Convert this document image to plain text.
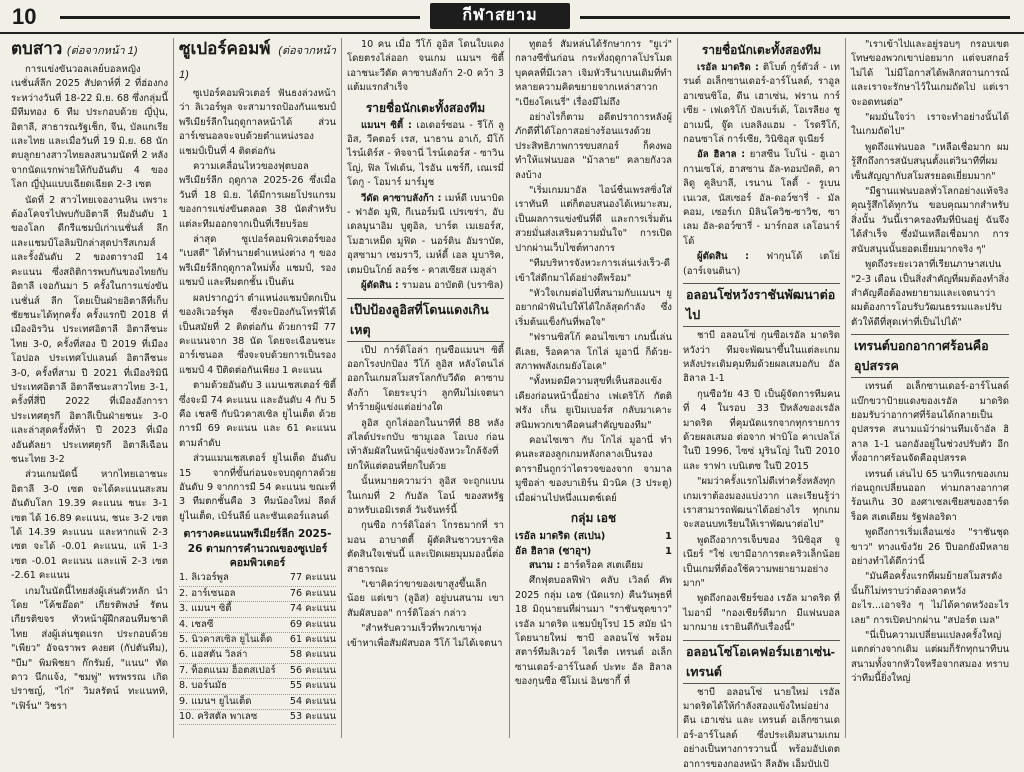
10	กีฬาสยาม

ตบสาว (ต่อจากหน้า 1)

การแข่งขันวอลเลย์บอลหญิงเนชั่นส์ลีก 2025 สัปดาห์ที่ 2 ที่ฮ่องกง ระหว่างวันที่ 18-22 มิ.ย. 68 ซึ่งกลุ่มนี้มีทีมทอง 6 ทีม ประกอบด้วย ญี่ปุ่น, อิตาลี, สาธารณรัฐเช็ก, จีน, บัลแกเรีย และไทย และเมื่อวันที่ 19 มิ.ย. 68 นักตบลูกยางสาวไทยลงสนามนัดที่ 2 หลังจากนัดแรกพ่ายให้กับอันดับ 4 ของโลก ญี่ปุ่นแบบเฉียดเฉียด 2-3 เซต

นัดที่ 2 สาวไทยเจองานหิน เพราะต้องโคจรไปพบกับอิตาลี ทีมอันดับ 1 ของโลก ดีกรีแชมป์เก่าเนชั่นส์ ลีก และแชมป์โอลิมปิกล่าสุดปารีสเกมส์ และรั้งอันดับ 2 ของตารางมี 14 คะแนน ซึ่งสถิติการพบกันของไทยกับอิตาลี เจอกันมา 5 ครั้งในการแข่งขันเนชั่นส์ ลีก โดยเป็นฝ่ายอิตาลีที่เก็บชัยชนะได้ทุกครั้ง ครั้งแรกปี 2018 ที่เมืองอิรวิน ประเทศอิตาลี อิตาลีชนะไทย 3-0, ครั้งที่สอง ปี 2019 ที่เมืองโอปอล ประเทศโปแลนด์ อิตาลีชนะ 3-0, ครั้งที่สาม ปี 2021 ที่เมืองริมินี ประเทศอิตาลี อิตาลีชนะสาวไทย 3-1, ครั้งที่สี่ปี 2022 ที่เมืองอังการา ประเทศตุรกี อิตาลีเป็นฝ่ายชนะ 3-0 และล่าสุดครั้งที่ห้า ปี 2023 ที่เมืองอันตัลยา ประเทศตุรกี อิตาลีเฉือนชนะไทย 3-2

ส่วนเกมนัดนี้ หากไทยเอาชนะอิตาลี 3-0 เซต จะได้คะแนนสะสมอันดับโลก 19.39 คะแนน ชนะ 3-1 เซต ได้ 16.89 คะแนน, ชนะ 3-2 เซต ได้ 14.39 คะแนน และหากแพ้ 2-3 เซต จะได้ -0.01 คะแนน, แพ้ 1-3 เซต -0.01 คะแนน และแพ้ 2-3 เซต -2.61 คะแนน

เกมในนัดนี้ไทยส่งผู้เล่นตัวหลัก นำโดย "โค้ชอ๊อด" เกียรติพงษ์ รัตนเกียรติขจร ทัวหน้าผู้ฝึกสอนทีมชาติไทย ส่งผู้เล่นชุดแรก ประกอบด้วย "เพียว" อัจฉราพร คงยศ (กัปตันทีม), "บีม" พิมพิชยา ก๊กรัมย์, "แนน" ทัดดาว นึกแจ้ง, "ชมพู่" พรพรรณ เกิดปราชญ์, "ไก่" วิมลรัตน์ ทะแนททิ, "เฟิร์น" วิชรา

ซูเปอร์คอมพ์ (ต่อจากหน้า 1)

ซูเปอร์คอมพิวเตอร์ ฟันธงล่วงหน้าว่า ลิเวอร์พูล จะสามารถป้องกันแชมป์พรีเมียร์ลีกในฤดูกาลหน้าได้ ส่วนอาร์เซนอลจะจบด้วยตำแหน่งรองแชมป์เป็นที่ 4 ติดต่อกัน

ความเคลื่อนไหวของฟุตบอลพรีเมียร์ลีก ฤดูกาล 2025-26 ซึ่งเมื่อวันที่ 18 มิ.ย. ได้มีการเผยโปรแกรมของการแข่งขันตลอด 38 นัดสำหรับแต่ละทีมออกจากเป็นที่เรียบร้อย

ล่าสุด ซูเปอร์คอมพิวเตอร์ของ "เบสตี" ได้ทำนายตำแหน่งต่าง ๆ ของพรีเมียร์ลีกฤดูกาลใหม่ทั้ง แชมป์, รองแชมป์ และทีมตกชั้น เป็นต้น

ผลปรากฏว่า ตำแหน่งแชมป์ตกเป็นของลิเวอร์พูล ซึ่งจะป้องกันโทรฟี่ได้เป็นสมัยที่ 2 ติดต่อกัน ด้วยการมี 77 คะแนนจาก 38 นัด โดยจะเฉือนชนะอาร์เซนอล ซึ่งจะจบด้วยการเป็นรองแชมป์ 4 ปีติดต่อกันเพียง 1 คะแนน

ตามด้วยอันดับ 3 แมนเชสเตอร์ ซิตี้ ซึ่งจะมี 74 คะแนน และอันดับ 4 กับ 5 คือ เชลซี กับนิวคาสเซิล ยูไนเต็ด ด้วยการมี 69 คะแนน และ 61 คะแนนตามลำดับ

ส่วนแมนเชสเตอร์ ยูไนเต็ด อันดับ 15 จากที่ขั้นก่อนจะจบฤดูกาลด้วยอันดับ 9 จากการมี 54 คะแนน ขณะที่ 3 ทีมตกชั้นคือ 3 ทีมน้องใหม่ ลีดส์ ยูไนเต็ด, เบิร์นลีย์ และซันเดอร์แลนด์

ตารางคะแนนพรีเมียร์ลีก 2025-26 ตามการคำนวณของซูเปอร์คอมพิวเตอร์
1. ลิเวอร์พูล	77 คะแนน
2. อาร์เซนอล	76 คะแนน
3. แมนฯ ซิตี้	74 คะแนน
4. เชลซี	69 คะแนน
5. นิวคาสเซิล ยูไนเต็ด 61 คะแนน
6. แอสตัน วิลล่า	58 คะแนน
7. ท็อตแนม ฮ็อตสเปอร์ 56 คะแนน
8. บอร์นมัธ	55 คะแนน
9. แมนฯ ยูไนเต็ด	54 คะแนน
10. คริสตัล พาเลซ	53 คะแนน

10 คน เมื่อ วีโก้ อูอิส โดนใบแดงโดยตรงไล่ออก จนเกม แมนฯ ซิตี้ เอาชนะวีดัด คาซาบลังก้า 2-0 คว้า 3 แต้มแรกสำเร็จ

รายชื่อนักเตะทั้งสองทีม

แมนฯ ซิตี้ : เอเดอร์ซอน - รีโก้ ลูอิส, วีคตอร์ เรส, นาธาน อาเก้, มีโก้ ไรน์เดิร์ส - ทิจจานี่ ไรน์เดอร์ส - ซาวินโญ่, ฟิล โฟเด้น, ไรอัน แชร์กี, เณเรมี่ โดกู - โอมาร์ มาร์มูช

วีดัด คาซาบลังก้า : เมห์ดี เบนาบิด - ฟาอัด มูฟี, กีเนอร์มนี เปรเซร่า, อับเดลมูนาอิม บูตูอิล, บาร์ต เมเยอร์ส, โมฮาเหม็ด มูฟิด - นอร์ดิน อัมราบัต, อุสซามา เซมราวี, เมห์ดี้ เอล มูบาริค, เตมบินโกย์ ลอร์ช - คาสเซียส เมลูล่า

ผู้ตัดสิน : รามอน อาบัตติ (บราซิล)

เป๊ปป้องลูอิสที่โดนแดงเกินเหตุ

เป๊ป การ์ดิโอล่า กุนซือแมนฯ ซิตี้ ออกโรงปกป้อง วีโก้ ลูอิส หลังโดนไล่ออกในเกมสโมสรโลกกับวีดัด คาซาบลังก้า โดยระบุว่า ลูกทีมไม่เจตนาทำร้ายผู้แข่งแต่อย่างใด

ลูอิส ถูกไล่ออกในนาทีที่ 88 หลังสไลด์ประกบับ ซามูเอล โอเบง ก่อนเท้าลัมผัสในหน้าผู้แข่งจังหวะใกล้จังที่ยกให้แต่ตอนที่ยกใบด้วย

นั้นหมายความว่า ลูอิส จะถูกแบนในเกมที่ 2 กับอัล โอน์ ของสหรัฐอาหรับเอมิเรตส์ วันจันทร์นี้

กุนซือ การ์ดิโอล่า โกรธมากที่ รามอน อาบาตตี้ ผู้ตัดสินชาวบราซิล ตัดสินใจเช่นนี้ และเปิดเผยมุมมองนี้ต่อสาธารณะ

"เขาคิดว่าขาของเขาสูงขึ้นเล็กน้อย แต่เขา (ลูอิส) อยู่บนสนาม เขาสัมผัสบอล" การ์ดิโอล่า กล่าว

"สำหรับความเร็วที่พวกเขาพุ่งเข้าหาเพื่อสัมผัสบอล วีโก้ ไม่ได้เจตนา

ทูตอร์ สัมหล่นได้รักษาการ "ยูเว่" กลางซีซั่นก่อน กระทั่งฤดูกาลโปรโมตบุคคลที่มีเวลา เจิมหัวรีนาเบนเดิมที่ทำหลายความคิดขยายจากเหล่าสาวก "เบียงโคเนรี่" เรื่องมีไม่ถึง

อย่างไรก็ตาม อดีตปราการหลังผู้ภักดีที่ได้โอกาสอย่างร้อนแรงด้วยประสิทธิภาพการขบสกอร์ ก็คงพอทำให้แฟนบอล "ม้าลาย" คลายกังวลลงบ้าง

"เริ่มเกมมาอัล ไอน์ชื่นเพรสซิ่งใส่เราทันที แต่ก็ตอบสนองได้เหมาะสม, เป็นผลการแข่งขันที่ดี และการเริ่มต้นสวยมั่นส่งเสริมความมั่นใจ" การเปิดปากผ่านเว็บไซต์ทางการ

"ทีมบริหารจังหวะการเล่นเร่งเร็ว-ดีเข้าใส่ดีกมาได้อย่างดีพร้อม"

"หัวใจเกมต่อไปที่สนามกับแมนฯ ยู อยากฝ่าฟันไปให้ได้ใกล้สุดกำลัง ซึ่งเริ่มต้นแข็งกันที่พอใจ"

"ฟรานซิสโก้ คอนไซเซา เกมนี้เล่นดีเลย, ร็อคคาล โกไล่ มูอานี่ ก็ด้วย-สภาพพลังเกมยังโอเค"

"ทั้งหมดมีความสุขที่เห็นสองแข้งเคียงก่อนหน้านี้อย่าง เฟเดริโก้ กัตติ ฟรัง เก็น ยูเปิมเบอร์ส กลับมาเคาะสนิมพวกเขาคือคนสำคัญของทีม"

คอนไซเซา กับ โกไล่ มูอานี่ ทำคนละสองลูกเกมหลังกลางเป็นรองดารายืนถูกว่าไดรวจของจาก จามาล มูซีอล่า ของบาเยิร์น มิวนิค (3 ประตู) เมื่อผ่านไปหนึ่งแมตช์เดย์

กลุ่ม เอช
เรอัล มาดริด (สเปน)	1
อัล ฮิลาล (ซาอุฯ)	1

สนาม : ฮาร์ดร็อค สเตเดียม

ศึกฟุตบอลฟีฟ่า คลับ เวิลด์ คัพ 2025 กลุ่ม เอช (นัดแรก) คืนวันพุธที่ 18 มิถุนายนที่ผ่านมา "ราชันชุดขาว" เรอัล มาดริด แชมป์ยุโรป 15 สมัย นำโดยนายใหม่ ชาบี อลอนโซ่ พร้อมสตาร์ทีมลิเวอร์ ไดเรื่ต เทรนต์ อเล็กซานเดอร์-อาร์โนลด์ ปะทะ อัล ฮิลาล ของกุนซือ ซีโมเน่ อินซากี้ ที่

รายชื่อนักเตะทั้งสองทีม

เรอัล มาดริด : ติโบต์ กูร์ตัวส์ - เทรนต์ อเล็กซานเดอร์-อาร์โนลด์, ราอูล อาเซนซิโอ, ดีน เฮาเซ่น, ฟราน การ์เซีย - เฟเดริโก้ บัลเบร์เด้, โอเรลียง ชูอาเมนี่, จู๊ด เบลลิงแฮม - โรดรีโก้, กอนซาโล่ การ์เซีย, วินิซิอุส จูเนียร์

อัล ฮิลาล : ยาสซีน โบโน่ - ฮูเอา กานเซโล่, ฮาสซาน อัล-ทอมบัคติ, คาลิดู คูลิบาลี, เรนาน โลดี้ - รูเบน เนเวส, นัสเซอร์ อัล-ดอว์ซารี่ - มัลคอม, เซอร์เก มิลินโควิช-ซาวิช, ซาเลม อัล-ดอว์ซารี่ - มาร์กอส เลโอนาร์โด้

ผู้ตัดสิน : ฟากุนโด้ เตโย่ (อาร์เจนตินา)

อลอนโซ่หวังราชันพัฒนาต่อไป

ชาบี อลอนโซ่ กุนซือเรอัล มาดริด หวังว่า ทีมจะพัฒนาขึ้นในแต่ละเกม หลังประเดิมคุมทีมด้วยผลเสมอกับ อัล ฮิลาล 1-1

กุนซือวัย 43 ปี เป็นผู้จัดการทีมคนที่ 4 ในรอบ 33 ปีหลังของเรอัล มาดริด ที่คุมนัดแรกจากทุกรายการด้วยผลเสมอ ต่อจาก ฟาบิโอ คาเปลโล่ ในปี 1996, ไซซ่ มูรินโญ่ ในปี 2010 และ ราฟา เบนิเตซ ในปี 2015

"ผมว่าครั้งแรกไม่ดีเท่าครั้งหลังทุกเกมเราต้องมองแบ่งวาก และเรียนรู้ว่าเราสามารถพัฒนาได้อย่างไร ทุกเกมจะสอนบทเรียนให้เราพัฒนาต่อไป"

พูดถึงอาการเจ็บของ วินิซิอุส จูเนียร์ "ใช่ เขามีอาการตะคริวเล็กน้อย เป็นเกมที่ต้องใช้ความพยายามอย่างมาก"

พูดถึงกองเชียร์ของ เรอัล มาดริด ที่ไมอามี่ "กองเชียร์ดีมาก มีแฟนบอลมากมาย เรายินดีกับเรื่องนี้"

อลอนโซ่โอเคฟอร์มเฮาเซ่น-เทรนต์

ชาบี อลอนโซ่ นายใหม่ เรอัล มาดริดได้ให้กำลังสองแข้งใหม่อย่าง ดีน เฮาเซ่น และ เทรนต์ อเล็กซานเดอร์-อาร์โนลด์ ซึ่งประเดิมสนามเกมอย่างเป็นทางการวานนี้ พร้อมอัปเดตอาการของกองหน้า ลีลอัพ เอ็มบัปเป้

"เราเข้าไปและอยู่รอบๆ กรอบเขตโทษของพวกเขาบ่อยมาก แต่จบสกอร์ไม่ได้ ไม่มีโอกาสได้พลิกสถานการณ์ และเราจะรักษาไว้ในเกมถัดไป แต่เราจะอดทนต่อ"

"ผมมั่นใจว่า เราจะทำอย่างนั้นได้ในเกมถัดไป"

พูดถึงแฟนบอล "เหลือเชื่อมาก ผมรู้สึกถึงการสนับสนุนตั้งแต่วินาทีที่ผมเซ็นสัญญากับสโมสรยอดเยี่ยมมาก"

"มีฐานแฟนบอลทั่วโลกอย่างแท้จริง คุณรู้สึกได้ทุกวัน ขอบคุณมากสำหรับสิ่งนั้น วันนี้เราครองทีมที่บินอยู่ ฉันจึงได้สำเร็จ ซึ่งมันเหลือเชื่อมาก การสนับสนุนนั้นยอดเยี่ยมมากจริง ๆ"

พูดถึงระยะเวลาที่เรียนภาษาสเปน "2-3 เดือน เป็นสิ่งสำคัญที่ผมต้องทำสิ่งสำคัญคือต้องพยายามและเจตนาว่า ผมต้องการโอบรับวัฒนธรรมและปรับตัวให้ดีที่สุดเท่าที่เป็นไปได้"

เทรนต์บอกอากาศร้อนคืออุปสรรค

เทรนต์ อเล็กซานเดอร์-อาร์โนลด์ แบ๊กขวาป้ายแดงของเรอัล มาดริด ยอมรับว่าอากาศที่ร้อนได้กลายเป็นอุปสรรค สนามแม้ว่าผ่านทีมเจ้าอัล ฮิลาล 1-1 นอกอังอยู่ในช่วงปรับตัว อีกทั้งอากาศร้อนจัดคืออุปสรรค

เทรนต์ เล่นไป 65 นาทีแรกของเกมก่อนถูกเปลี่ยนออก ท่ามกลางอากาศร้อนเกิน 30 องศาเซลเซียสของฮาร์ดร็อค สเตเดียม รัฐฟลอริดา

พูดถึงการเริ่มเลื่อนเซ่ง "ราชันชุดขาว" ทางแข้งวัย 26 ปีบอกยังมีหลายอย่างทำได้ดีกว่านี้

"มันคือครั้งแรกที่ผมย้ายสโมสรดังนั้นก็ไม่ทราบว่าต้องคาดหวังอะไร...เอาจริง ๆ ไม่ได้คาดหวังอะไรเลย" การเปิดปากผ่าน "สปอร์ต เมล"

"นี่เป็นความเปลี่ยนแปลงครั้งใหญ่ แตกต่างจากเดิม แต่ผมก็รักทุกนาทีบนสนามทั้งจากหัวใจหรือจากสมอง ทราบว่าทีมนี้ยิ่งใหญ่
